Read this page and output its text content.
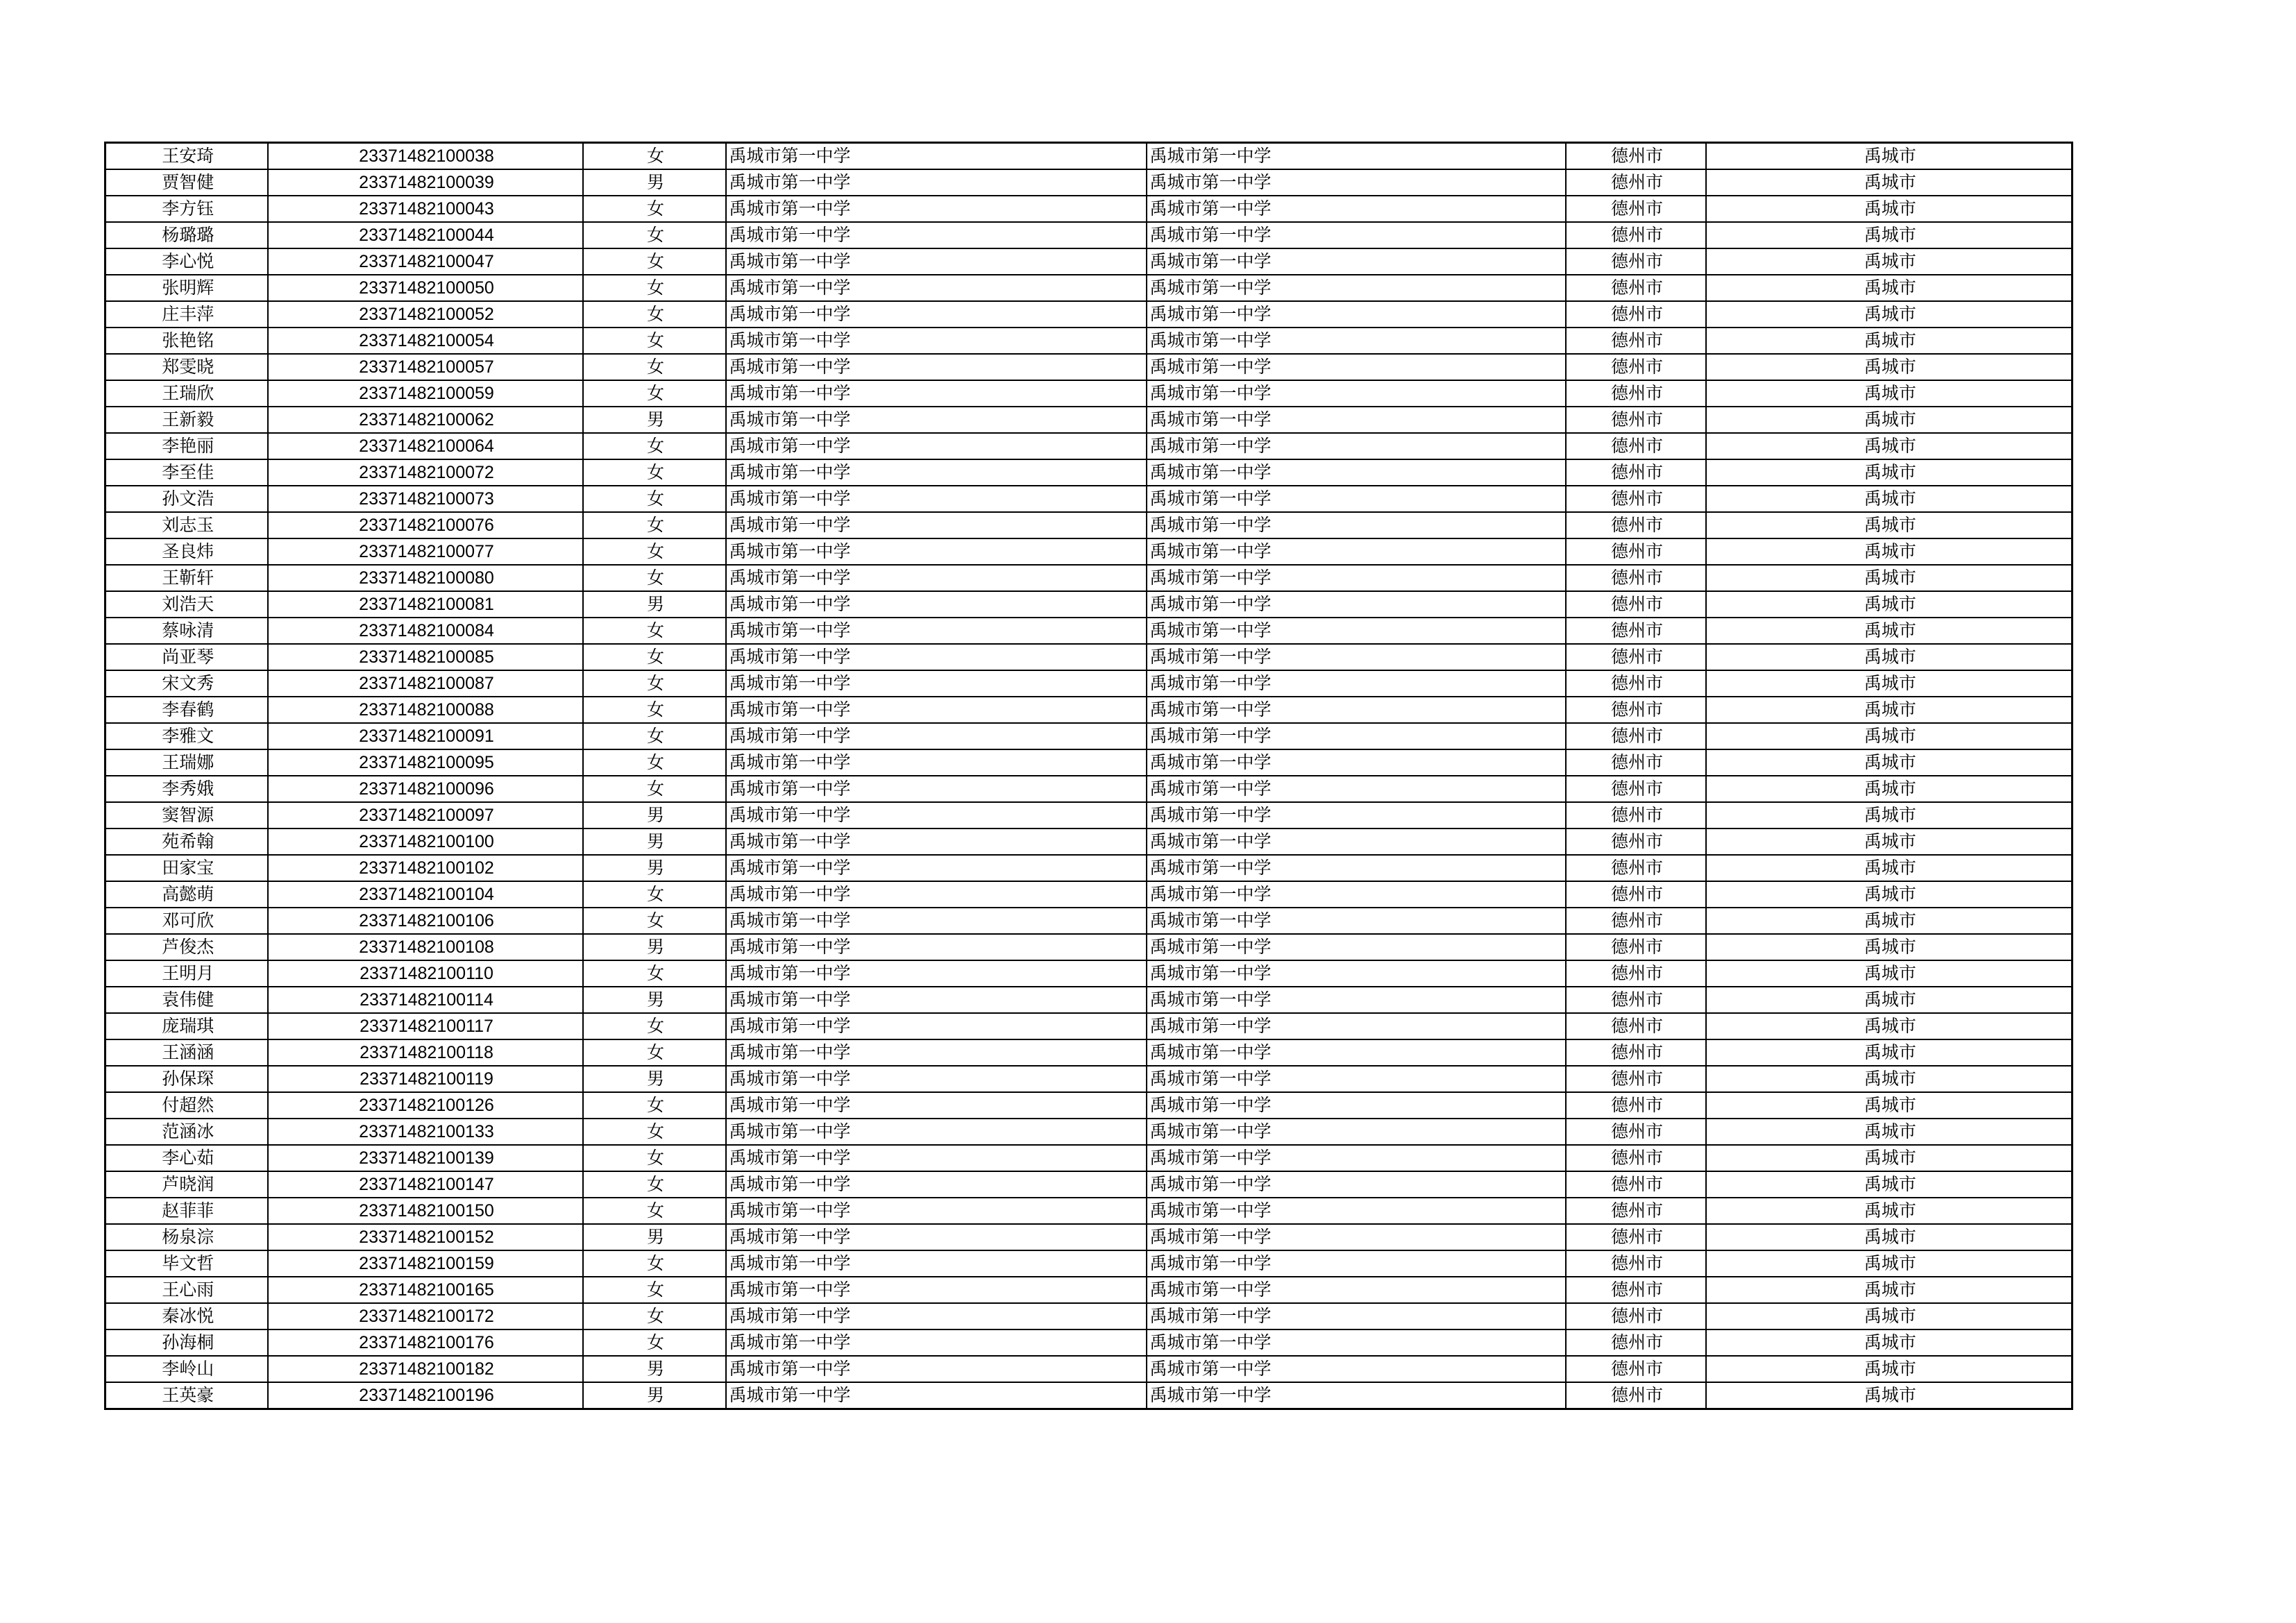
王安琦	23371482100038	女	禹城市第一中学	禹城市第一中学	德州市	禹城市
贾智健	23371482100039	男	禹城市第一中学	禹城市第一中学	德州市	禹城市
李方钰	23371482100043	女	禹城市第一中学	禹城市第一中学	德州市	禹城市
杨璐璐	23371482100044	女	禹城市第一中学	禹城市第一中学	德州市	禹城市
李心悦	23371482100047	女	禹城市第一中学	禹城市第一中学	德州市	禹城市
张明辉	23371482100050	女	禹城市第一中学	禹城市第一中学	德州市	禹城市
庄丰萍	23371482100052	女	禹城市第一中学	禹城市第一中学	德州市	禹城市
张艳铭	23371482100054	女	禹城市第一中学	禹城市第一中学	德州市	禹城市
郑雯晓	23371482100057	女	禹城市第一中学	禹城市第一中学	德州市	禹城市
王瑞欣	23371482100059	女	禹城市第一中学	禹城市第一中学	德州市	禹城市
王新毅	23371482100062	男	禹城市第一中学	禹城市第一中学	德州市	禹城市
李艳丽	23371482100064	女	禹城市第一中学	禹城市第一中学	德州市	禹城市
李至佳	23371482100072	女	禹城市第一中学	禹城市第一中学	德州市	禹城市
孙文浩	23371482100073	女	禹城市第一中学	禹城市第一中学	德州市	禹城市
刘志玉	23371482100076	女	禹城市第一中学	禹城市第一中学	德州市	禹城市
圣良炜	23371482100077	女	禹城市第一中学	禹城市第一中学	德州市	禹城市
王靳轩	23371482100080	女	禹城市第一中学	禹城市第一中学	德州市	禹城市
刘浩天	23371482100081	男	禹城市第一中学	禹城市第一中学	德州市	禹城市
蔡咏清	23371482100084	女	禹城市第一中学	禹城市第一中学	德州市	禹城市
尚亚琴	23371482100085	女	禹城市第一中学	禹城市第一中学	德州市	禹城市
宋文秀	23371482100087	女	禹城市第一中学	禹城市第一中学	德州市	禹城市
李春鹤	23371482100088	女	禹城市第一中学	禹城市第一中学	德州市	禹城市
李雅文	23371482100091	女	禹城市第一中学	禹城市第一中学	德州市	禹城市
王瑞娜	23371482100095	女	禹城市第一中学	禹城市第一中学	德州市	禹城市
李秀娥	23371482100096	女	禹城市第一中学	禹城市第一中学	德州市	禹城市
窦智源	23371482100097	男	禹城市第一中学	禹城市第一中学	德州市	禹城市
苑希翰	23371482100100	男	禹城市第一中学	禹城市第一中学	德州市	禹城市
田家宝	23371482100102	男	禹城市第一中学	禹城市第一中学	德州市	禹城市
高懿萌	23371482100104	女	禹城市第一中学	禹城市第一中学	德州市	禹城市
邓可欣	23371482100106	女	禹城市第一中学	禹城市第一中学	德州市	禹城市
芦俊杰	23371482100108	男	禹城市第一中学	禹城市第一中学	德州市	禹城市
王明月	23371482100110	女	禹城市第一中学	禹城市第一中学	德州市	禹城市
袁伟健	23371482100114	男	禹城市第一中学	禹城市第一中学	德州市	禹城市
庞瑞琪	23371482100117	女	禹城市第一中学	禹城市第一中学	德州市	禹城市
王涵涵	23371482100118	女	禹城市第一中学	禹城市第一中学	德州市	禹城市
孙保琛	23371482100119	男	禹城市第一中学	禹城市第一中学	德州市	禹城市
付超然	23371482100126	女	禹城市第一中学	禹城市第一中学	德州市	禹城市
范涵冰	23371482100133	女	禹城市第一中学	禹城市第一中学	德州市	禹城市
李心茹	23371482100139	女	禹城市第一中学	禹城市第一中学	德州市	禹城市
芦晓润	23371482100147	女	禹城市第一中学	禹城市第一中学	德州市	禹城市
赵菲菲	23371482100150	女	禹城市第一中学	禹城市第一中学	德州市	禹城市
杨泉淙	23371482100152	男	禹城市第一中学	禹城市第一中学	德州市	禹城市
毕文哲	23371482100159	女	禹城市第一中学	禹城市第一中学	德州市	禹城市
王心雨	23371482100165	女	禹城市第一中学	禹城市第一中学	德州市	禹城市
秦冰悦	23371482100172	女	禹城市第一中学	禹城市第一中学	德州市	禹城市
孙海桐	23371482100176	女	禹城市第一中学	禹城市第一中学	德州市	禹城市
李岭山	23371482100182	男	禹城市第一中学	禹城市第一中学	德州市	禹城市
王英豪	23371482100196	男	禹城市第一中学	禹城市第一中学	德州市	禹城市
